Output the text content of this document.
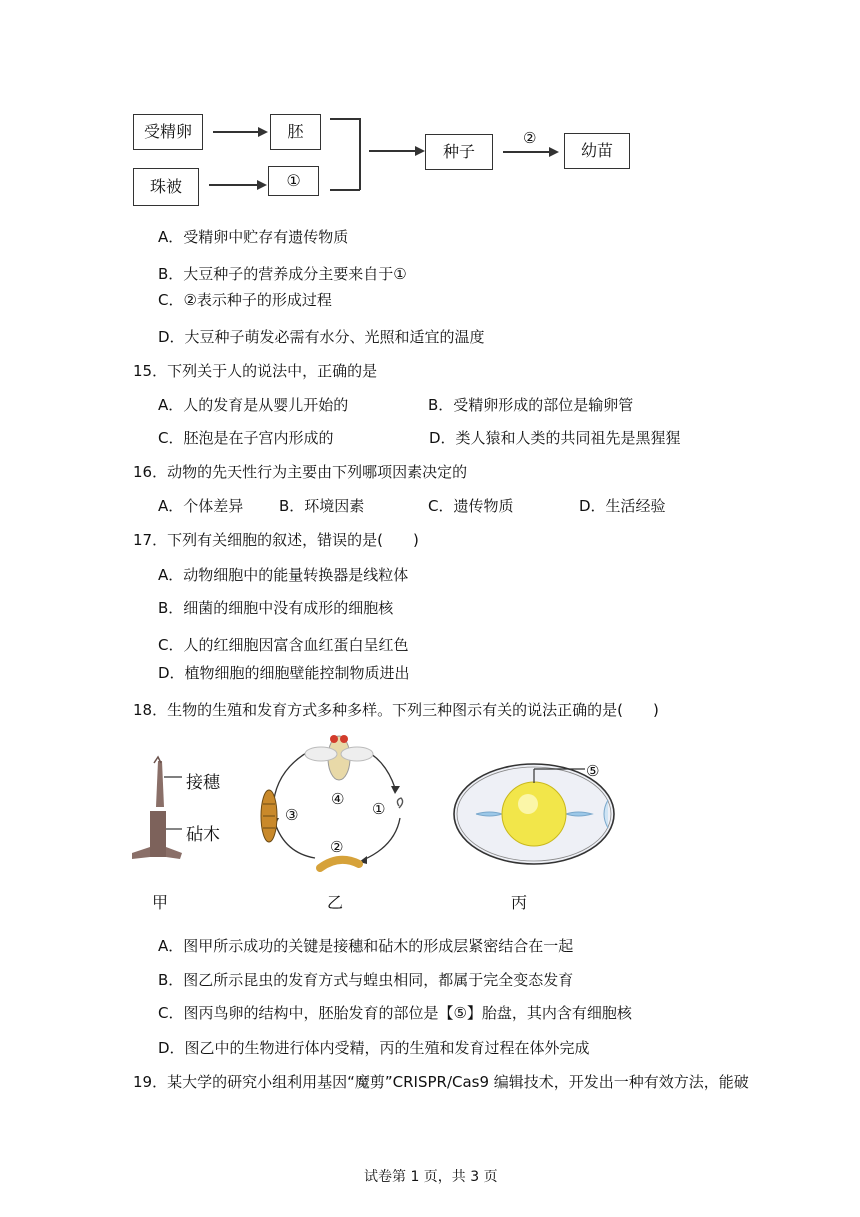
受精卵
珠被
胚
①
种子
②
幼苗
A．受精卵中贮存有遗传物质
B．大豆种子的营养成分主要来自于①
C．②表示种子的形成过程
D．大豆种子萌发必需有水分、光照和适宜的温度
15．下列关于人的说法中，正确的是
A．人的发育是从婴儿开始的	B．受精卵形成的部位是输卵管
C．胚泡是在子宫内形成的	D．类人猿和人类的共同祖先是黑猩猩
16．动物的先天性行为主要由下列哪项因素决定的
A．个体差异 B．环境因素	C．遗传物质	D．生活经验
17．下列有关细胞的叙述，错误的是(　　)
A．动物细胞中的能量转换器是线粒体
B．细菌的细胞中没有成形的细胞核
C．人的红细胞因富含血红蛋白呈红色
D．植物细胞的细胞壁能控制物质进出
18．生物的生殖和发育方式多种多样。下列三种图示有关的说法正确的是(　　)
接穗
砧木
④
①
③
②
⑤
甲	乙	丙
A．图甲所示成功的关键是接穗和砧木的形成层紧密结合在一起
B．图乙所示昆虫的发育方式与蝗虫相同，都属于完全变态发育
C．图丙鸟卵的结构中，胚胎发育的部位是【⑤】胎盘，其内含有细胞核
D．图乙中的生物进行体内受精，丙的生殖和发育过程在体外完成
19．某大学的研究小组利用基因“魔剪”CRISPR/Cas9 编辑技术，开发出一种有效方法，能破
试卷第 1 页，共 3 页
